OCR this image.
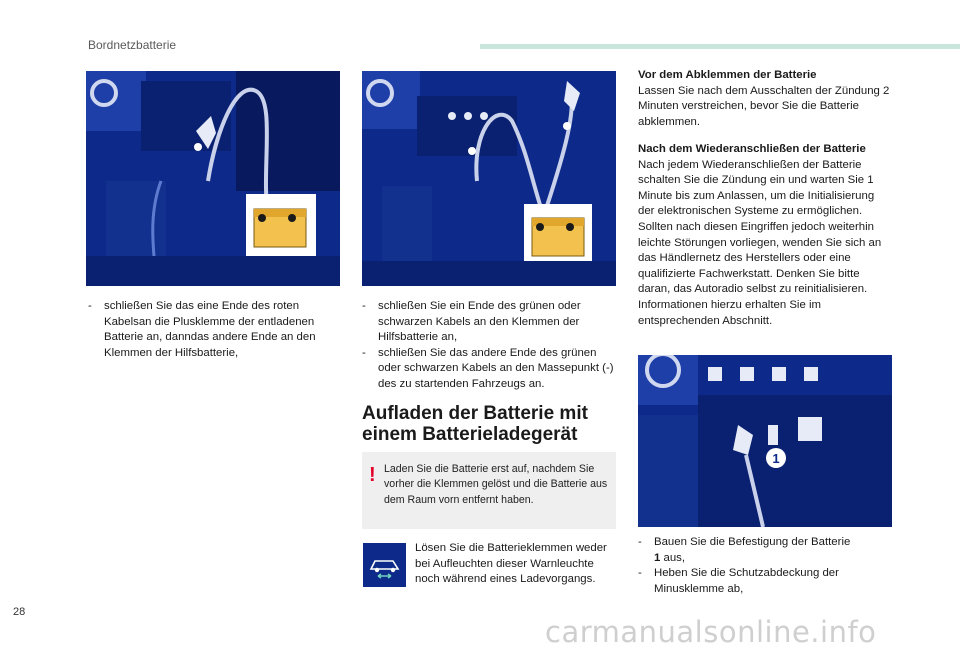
Bordnetzbatterie
- schließen Sie das eine Ende des roten Kabelsan die Plusklemme der entladenen Batterie an, danndas andere Ende an den Klemmen der Hilfsbatterie,
- schließen Sie ein Ende des grünen oder schwarzen Kabels an den Klemmen der Hilfsbatterie an,
- schließen Sie das andere Ende des grünen oder schwarzen Kabels an den Massepunkt (-) des zu startenden Fahrzeugs an.
Aufladen der Batterie mit
einem Batterieladegerät
! Laden Sie die Batterie erst auf, nachdem Sie vorher die Klemmen gelöst und die Batterie aus dem Raum vorn entfernt haben.
Lösen Sie die Batterieklemmen weder bei Aufleuchten dieser Warnleuchte noch während eines Ladevorgangs.
Vor dem Abklemmen der Batterie
Lassen Sie nach dem Ausschalten der Zündung 2 Minuten verstreichen, bevor Sie die Batterie abklemmen.
Nach dem Wiederanschließen der Batterie
Nach jedem Wiederanschließen der Batterie schalten Sie die Zündung ein und warten Sie 1 Minute bis zum Anlassen, um die Initialisierung der elektronischen Systeme zu ermöglichen. Sollten nach diesen Eingriffen jedoch weiterhin leichte Störungen vorliegen, wenden Sie sich an das Händlernetz des Herstellers oder eine qualifizierte Fachwerkstatt. Denken Sie bitte daran, das Autoradio selbst zu reinitialisieren. Informationen hierzu erhalten Sie im entsprechenden Abschnitt.
1
- Bauen Sie die Befestigung der Batterie
1 aus,
- Heben Sie die Schutzabdeckung der Minusklemme ab,
28
carmanualsonline.info
